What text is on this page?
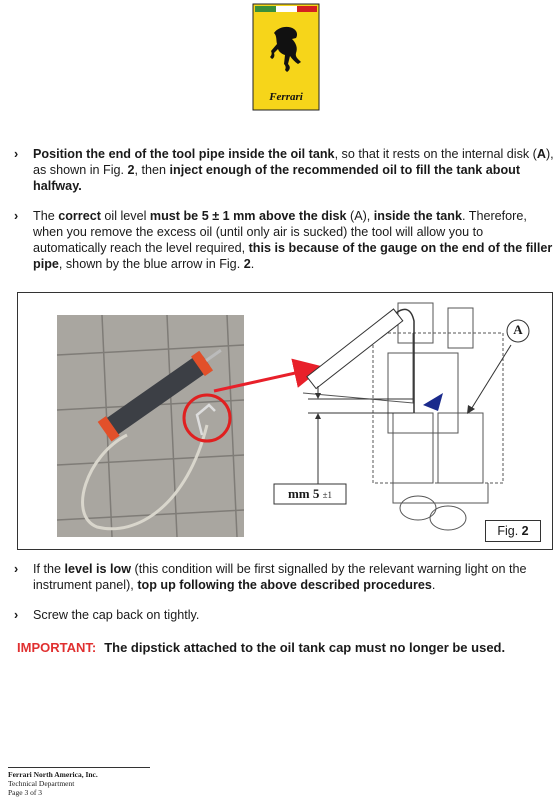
Ferrari
› Position the end of the tool pipe inside the oil tank, so that it rests on the internal disk (A), as shown in Fig. 2, then inject enough of the recommended oil to fill the tank about halfway.
› The correct oil level must be 5 ± 1 mm above the disk (A), inside the tank. Therefore, when you remove the excess oil (until only air is sucked) the tool will allow you to automatically reach the level required, this is because of the gauge on the end of the filler pipe, shown by the blue arrow in Fig. 2.
A
mm 5 ±1
Fig. 2
› If the level is low (this condition will be first signalled by the relevant warning light on the instrument panel), top up following the above described procedures.
› Screw the cap back on tightly.
IMPORTANT: The dipstick attached to the oil tank cap must no longer be used.
Ferrari North America, Inc.
Technical Department
Page 3 of 3
